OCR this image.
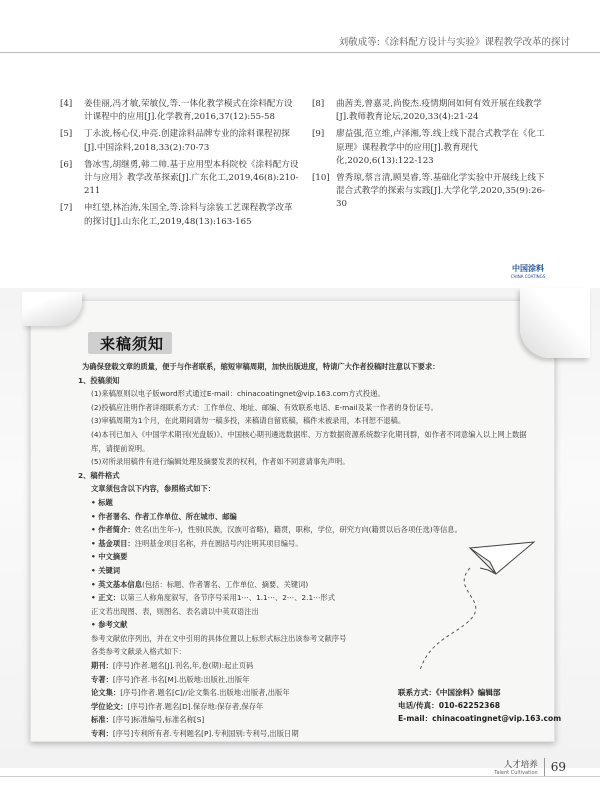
刘敬成等:《涂料配方设计与实验》课程教学改革的探讨
[4]	姜佳丽,冯才敏,荣敏仪,等.一体化教学模式在涂料配方设计课程中的应用[J].化学教育,2016,37(12):55-58
[5]	丁永波,杨心仪,申亮.创建涂料品牌专业的涂料课程初探[J].中国涂料,2018,33(2):70-73
[6]	鲁冰雪,胡继勇,韩二帅.基于应用型本科院校《涂料配方设计与应用》教学改革探索[J].广东化工,2019,46(8):210-211
[7]	申红望,林治涛,朱国全,等.涂料与涂装工艺课程教学改革的探讨[J].山东化工,2019,48(13):163-165
[8]	曲茜美,曾嘉灵,尚俊杰.疫情期间如何有效开展在线教学[J].教师教育论坛,2020,33(4):21-24
[9]	廖益强,范立维,卢泽湘,等.线上线下混合式教学在《化工原理》课程教学中的应用[J].教育现代化,2020,6(13):122-123
[10] 曾秀琼,蔡言清,顾昊睿,等.基础化学实验中开展线上线下混合式教学的探索与实践[J].大学化学,2020,35(9):26-30
中国涂料
CHINA COATINGS
来稿须知
为确保登载文章的质量，便于与作者联系，缩短审稿周期，加快出版进度，特请广大作者投稿时注意以下要求：
1、投稿须知
(1)来稿原则以电子版word形式通过E-mail：chinacoatingnet@vip.163.com方式投递。
(2)投稿应注明作者详细联系方式：工作单位、地址、邮编、有效联系电话、E-mail及某一作者的身份证号。
(3)审稿周期为1个月，在此期间请勿一稿多投，来稿请自留底稿，稿件未被录用，本刊恕不退稿。
(4)本刊已加入《中国学术期刊(光盘版)》、中国核心期刊遴选数据库、万方数据资源系统数字化期刊群，如作者不同意编入以上网上数据库，请提前说明。
(5)对所录用稿件有进行编辑处理及摘要发表的权利，作者如不同意请事先声明。
2、稿件格式
文章须包含以下内容，参照格式如下：
• 标题
• 作者署名、作者工作单位、所在城市、邮编
• 作者简介：姓名(出生年–)，性别(民族，汉族可省略)，籍贯，职称，学位，研究方向(籍贯以后各项任选)等信息。
• 基金项目：注明基金项目名称，并在圆括号内注明其项目编号。
• 中文摘要
• 关键词
• 英文基本信息(包括：标题、作者署名、工作单位、摘要、关键词)
• 正文：以第三人称角度叙写，各节序号采用1⋯、1.1⋯、2⋯、2.1⋯形式
正文若出现图、表，则图名、表名请以中英双语注出
• 参考文献
参考文献依序列出，并在文中引用的具体位置以上标形式标注出该参考文献序号
各类参考文献录入格式如下：
期刊：[序号]作者.题名[J].刊名,年,卷(期):起止页码
专著：[序号]作者.书名[M].出版地:出版社,出版年
论文集：[序号]作者.题名[C]//论文集名.出版地:出版者,出版年
学位论文：[序号]作者.题名[D].保存地:保存者,保存年
标准：[序号]标准编号,标准名称[S]
专利：[序号]专利所有者.专利题名[P].专利国别:专利号,出版日期
联系方式：《中国涂料》编辑部
电话/传真：010-62252368
E-mail：chinacoatingnet@vip.163.com
人才培养
Talent Cultivation 69
